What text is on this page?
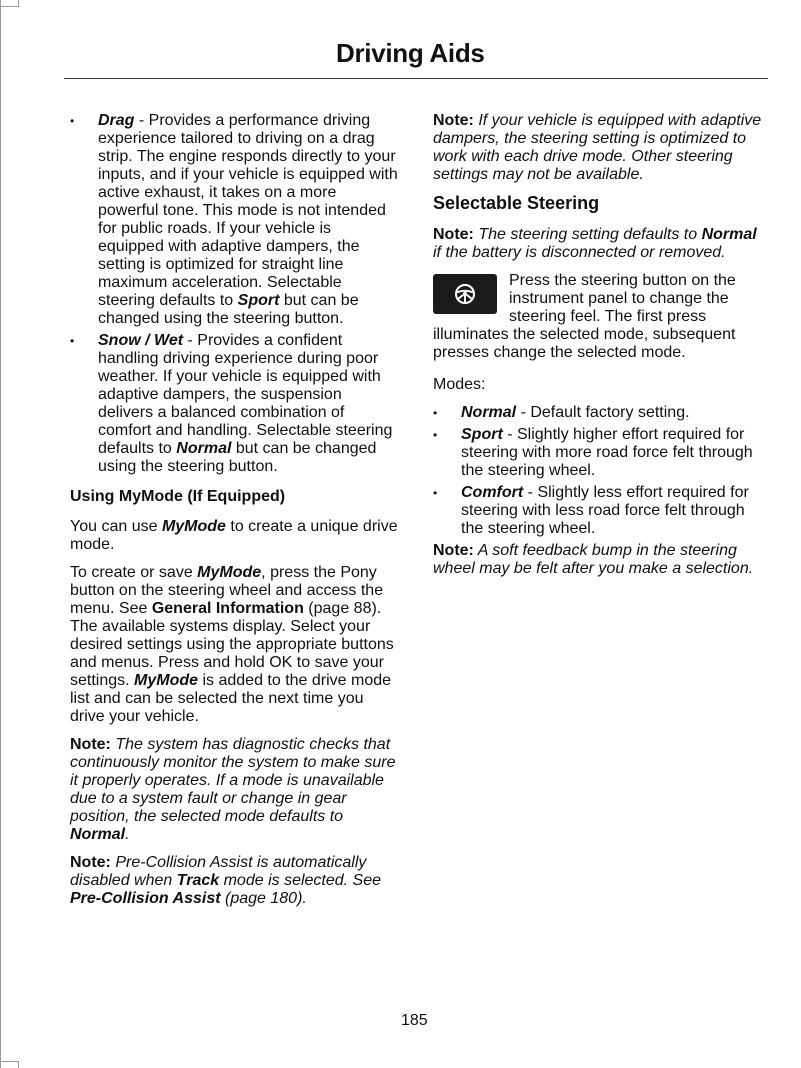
Driving Aids
• Drag - Provides a performance driving experience tailored to driving on a drag strip. The engine responds directly to your inputs, and if your vehicle is equipped with active exhaust, it takes on a more powerful tone. This mode is not intended for public roads. If your vehicle is equipped with adaptive dampers, the setting is optimized for straight line maximum acceleration. Selectable steering defaults to Sport but can be changed using the steering button.
• Snow / Wet - Provides a confident handling driving experience during poor weather. If your vehicle is equipped with adaptive dampers, the suspension delivers a balanced combination of comfort and handling. Selectable steering defaults to Normal but can be changed using the steering button.
Using MyMode (If Equipped)

You can use MyMode to create a unique drive mode.

To create or save MyMode, press the Pony button on the steering wheel and access the menu. See General Information (page 88). The available systems display. Select your desired settings using the appropriate buttons and menus. Press and hold OK to save your settings. MyMode is added to the drive mode list and can be selected the next time you drive your vehicle.

Note: The system has diagnostic checks that continuously monitor the system to make sure it properly operates. If a mode is unavailable due to a system fault or change in gear position, the selected mode defaults to Normal.

Note: Pre-Collision Assist is automatically disabled when Track mode is selected. See Pre-Collision Assist (page 180).

Note: If your vehicle is equipped with adaptive dampers, the steering setting is optimized to work with each drive mode. Other steering settings may not be available.

Selectable Steering

Note: The steering setting defaults to Normal if the battery is disconnected or removed.

Press the steering button on the instrument panel to change the steering feel. The first press illuminates the selected mode, subsequent presses change the selected mode.

Modes:

• Normal - Default factory setting.
• Sport - Slightly higher effort required for steering with more road force felt through the steering wheel.
• Comfort - Slightly less effort required for steering with less road force felt through the steering wheel.

Note: A soft feedback bump in the steering wheel may be felt after you make a selection.

185
